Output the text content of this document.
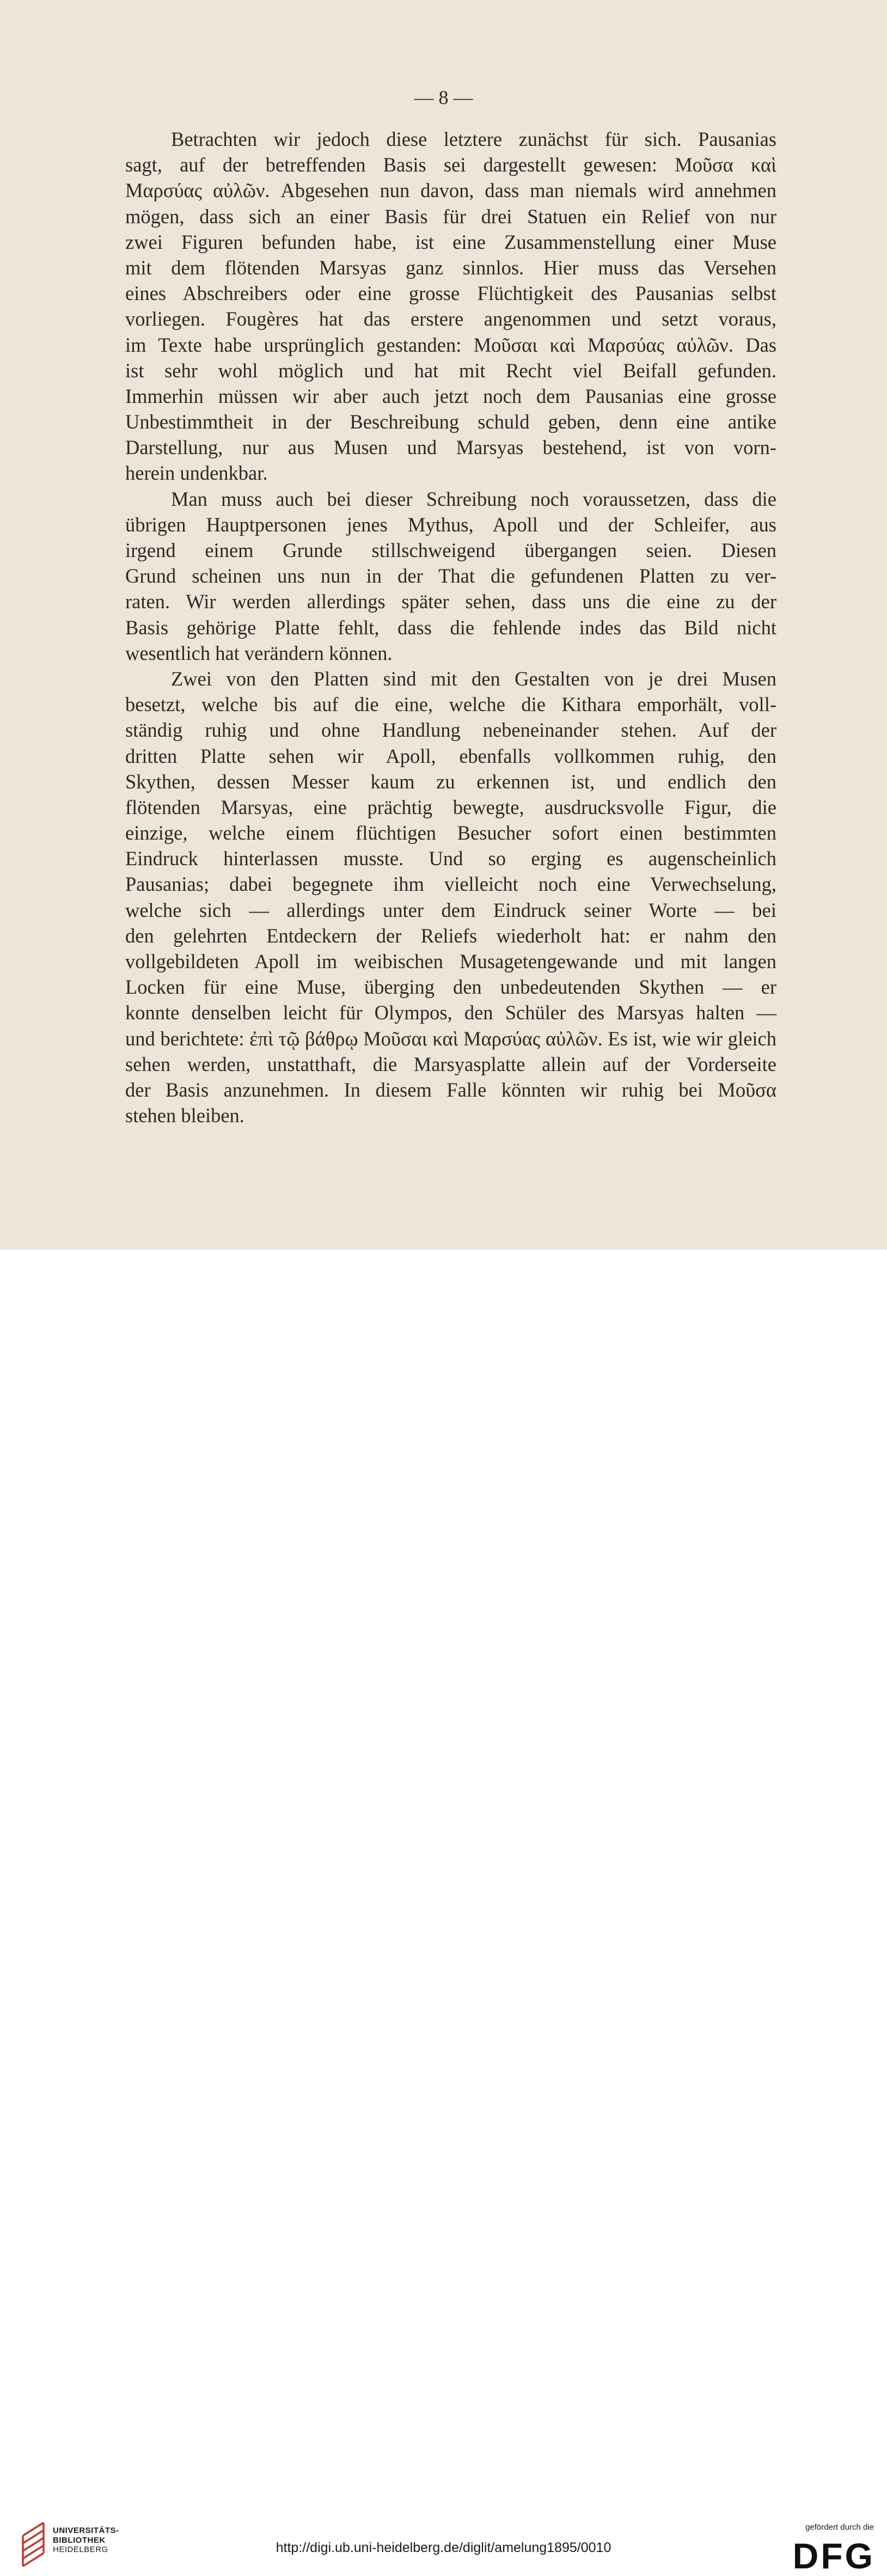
— 8 —
Betrachten wir jedoch diese letztere zunächst für sich. Pausanias
sagt, auf der betreffenden Basis sei dargestellt gewesen: Μοῦσα καὶ
Μαρσύας αὐλῶν. Abgesehen nun davon, dass man niemals wird annehmen
mögen, dass sich an einer Basis für drei Statuen ein Relief von nur
zwei Figuren befunden habe, ist eine Zusammenstellung einer Muse
mit dem flötenden Marsyas ganz sinnlos. Hier muss das Versehen
eines Abschreibers oder eine grosse Flüchtigkeit des Pausanias selbst
vorliegen. Fougères hat das erstere angenommen und setzt voraus,
im Texte habe ursprünglich gestanden: Μοῦσαι καὶ Μαρσύας αὐλῶν. Das
ist sehr wohl möglich und hat mit Recht viel Beifall gefunden.
Immerhin müssen wir aber auch jetzt noch dem Pausanias eine grosse
Unbestimmtheit in der Beschreibung schuld geben, denn eine antike
Darstellung, nur aus Musen und Marsyas bestehend, ist von vorn-
herein undenkbar.
Man muss auch bei dieser Schreibung noch voraussetzen, dass die
übrigen Hauptpersonen jenes Mythus, Apoll und der Schleifer, aus
irgend einem Grunde stillschweigend übergangen seien. Diesen
Grund scheinen uns nun in der That die gefundenen Platten zu ver-
raten. Wir werden allerdings später sehen, dass uns die eine zu der
Basis gehörige Platte fehlt, dass die fehlende indes das Bild nicht
wesentlich hat verändern können.
Zwei von den Platten sind mit den Gestalten von je drei Musen
besetzt, welche bis auf die eine, welche die Kithara emporhält, voll-
ständig ruhig und ohne Handlung nebeneinander stehen. Auf der
dritten Platte sehen wir Apoll, ebenfalls vollkommen ruhig, den
Skythen, dessen Messer kaum zu erkennen ist, und endlich den
flötenden Marsyas, eine prächtig bewegte, ausdrucksvolle Figur, die
einzige, welche einem flüchtigen Besucher sofort einen bestimmten
Eindruck hinterlassen musste. Und so erging es augenscheinlich
Pausanias; dabei begegnete ihm vielleicht noch eine Verwechselung,
welche sich — allerdings unter dem Eindruck seiner Worte — bei
den gelehrten Entdeckern der Reliefs wiederholt hat: er nahm den
vollgebildeten Apoll im weibischen Musagetengewande und mit langen
Locken für eine Muse, überging den unbedeutenden Skythen — er
konnte denselben leicht für Olympos, den Schüler des Marsyas halten —
und berichtete: ἐπὶ τῷ βάθρῳ Μοῦσαι καὶ Μαρσύας αὐλῶν. Es ist, wie wir gleich
sehen werden, unstatthaft, die Marsyasplatte allein auf der Vorderseite
der Basis anzunehmen. In diesem Falle könnten wir ruhig bei Μοῦσα
stehen bleiben.
UNIVERSITÄTS-
BIBLIOTHEK
HEIDELBERG	http://digi.ub.uni-heidelberg.de/diglit/amelung1895/0010
gefördert durch die
DFG
